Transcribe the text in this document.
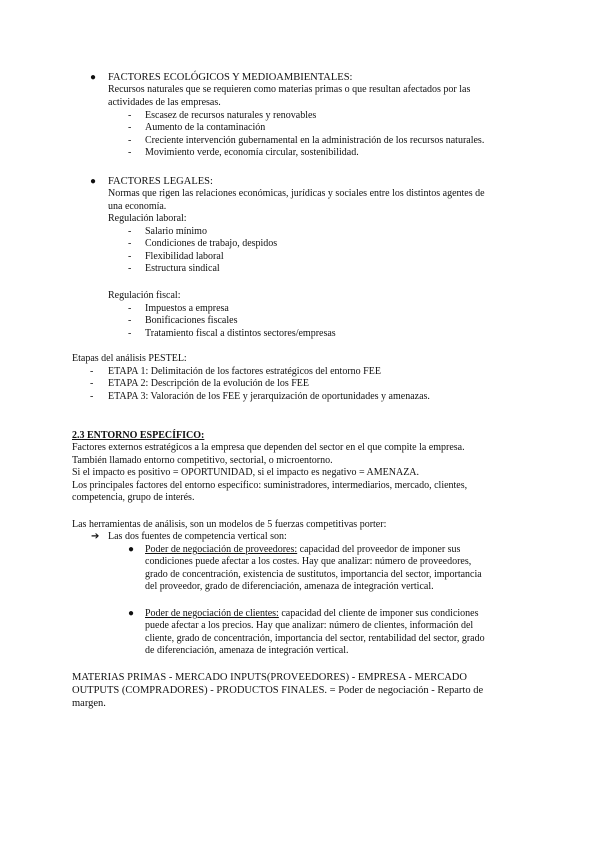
● FACTORES ECOLÓGICOS Y MEDIOAMBIENTALES:

Recursos naturales que se requieren como materias primas o que resultan afectados por las

actividades de las empresas.

- Escasez de recursos naturales y renovables

- Aumento de la contaminación

- Creciente intervención gubernamental en la administración de los recursos naturales.

- Movimiento verde, economía circular, sostenibilidad.

● FACTORES LEGALES:

Normas que rigen las relaciones económicas, jurídicas y sociales entre los distintos agentes de

una economía.

Regulación laboral:

- Salario mínimo

- Condiciones de trabajo, despidos

- Flexibilidad laboral

- Estructura sindical

Regulación fiscal:

- Impuestos a empresa

- Bonificaciones fiscales

- Tratamiento fiscal a distintos sectores/empresas

Etapas del análisis PESTEL:

- ETAPA 1: Delimitación de los factores estratégicos del entorno FEE

- ETAPA 2: Descripción de la evolución de los FEE

- ETAPA 3: Valoración de los FEE y jerarquización de oportunidades y amenazas.

2.3 ENTORNO ESPECÍFICO:

Factores externos estratégicos a la empresa que dependen del sector en el que compite la empresa.

También llamado entorno competitivo, sectorial, o microentorno.

Si el impacto es positivo = OPORTUNIDAD, si el impacto es negativo = AMENAZA.

Los principales factores del entorno específico: suministradores, intermediarios, mercado, clientes,

competencia, grupo de interés.

Las herramientas de análisis, son un modelos de 5 fuerzas competitivas porter:

➔ Las dos fuentes de competencia vertical son:

● Poder de negociación de proveedores: capacidad del proveedor de imponer sus

condiciones puede afectar a los costes. Hay que analizar: número de proveedores,

grado de concentración, existencia de sustitutos, importancia del sector, importancia

del proveedor, grado de diferenciación, amenaza de integración vertical.

● Poder de negociación de clientes: capacidad del cliente de imponer sus condiciones

puede afectar a los precios. Hay que analizar: número de clientes, información del

cliente, grado de concentración, importancia del sector, rentabilidad del sector, grado

de diferenciación, amenaza de integración vertical.

MATERIAS PRIMAS - MERCADO INPUTS(PROVEEDORES) - EMPRESA - MERCADO

OUTPUTS (COMPRADORES) - PRODUCTOS FINALES. = Poder de negociación - Reparto de

margen.
